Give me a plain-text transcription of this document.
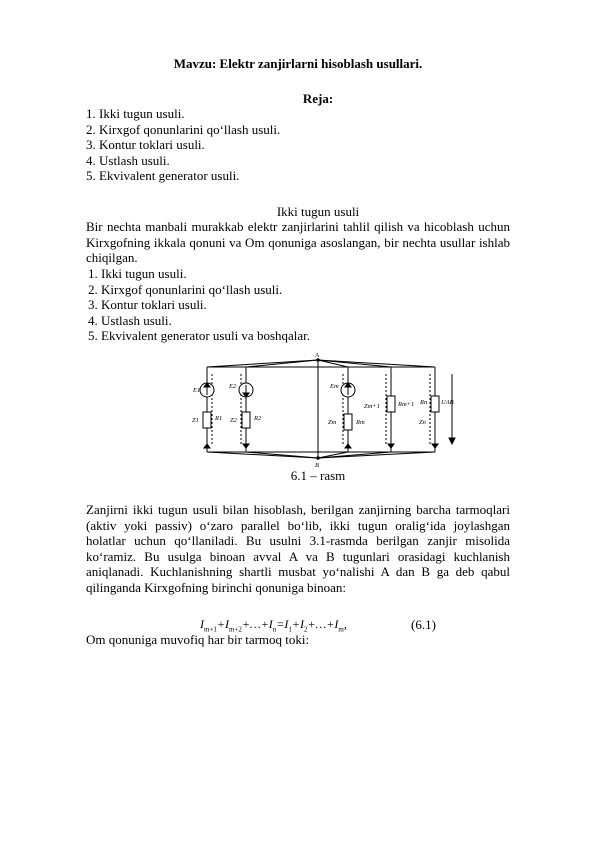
Mavzu: Elektr zanjirlarni hisoblash usullari.
Reja:
1. Ikki tugun usuli.
2. Kirxgof qonunlarini qo‘llash usuli.
3. Kontur toklari usuli.
4. Ustlash usuli.
5. Ekvivalent generator usuli.
Ikki tugun usuli
Bir nechta manbali murakkab elektr zanjirlarini tahlil qilish va hicoblash uchun Kirxgofning ikkala qonuni va Om qonuniga asoslangan, bir nechta usullar ishlab chiqilgan.
1. Ikki tugun usuli.
2. Kirxgof qonunlarini qo‘llash usuli.
3. Kontur toklari usuli.
4. Ustlash usuli.
5. Ekvivalent generator usuli va boshqalar.
A
B
E1
E2	Em
Z1 R1 Z2	R2
Zm	Rm
Zm+1	Rm+1
Zn
Rn UAB
6.1 – rasm
Zanjirni ikki tugun usuli bilan hisoblash, berilgan zanjirning barcha tarmoqlari (aktiv yoki passiv) o‘zaro parallel bo‘lib, ikki tugun oralig‘ida joylashgan holatlar uchun qo‘llaniladi. Bu usulni 3.1-rasmda berilgan zanjir misolida ko‘ramiz. Bu usulga binoan avval A va B tugunlari orasidagi kuchlanish aniqlanadi. Kuchlanishning shartli musbat yo‘nalishi A dan B ga deb qabul qilinganda Kirxgofning birinchi qonuniga binoan:
$I_{m+1}+I_{m+2}+\dots+I_n=I_1+I_2+\dots+I_m$,	(6.1)
Om qonuniga muvofiq har bir tarmoq toki:
